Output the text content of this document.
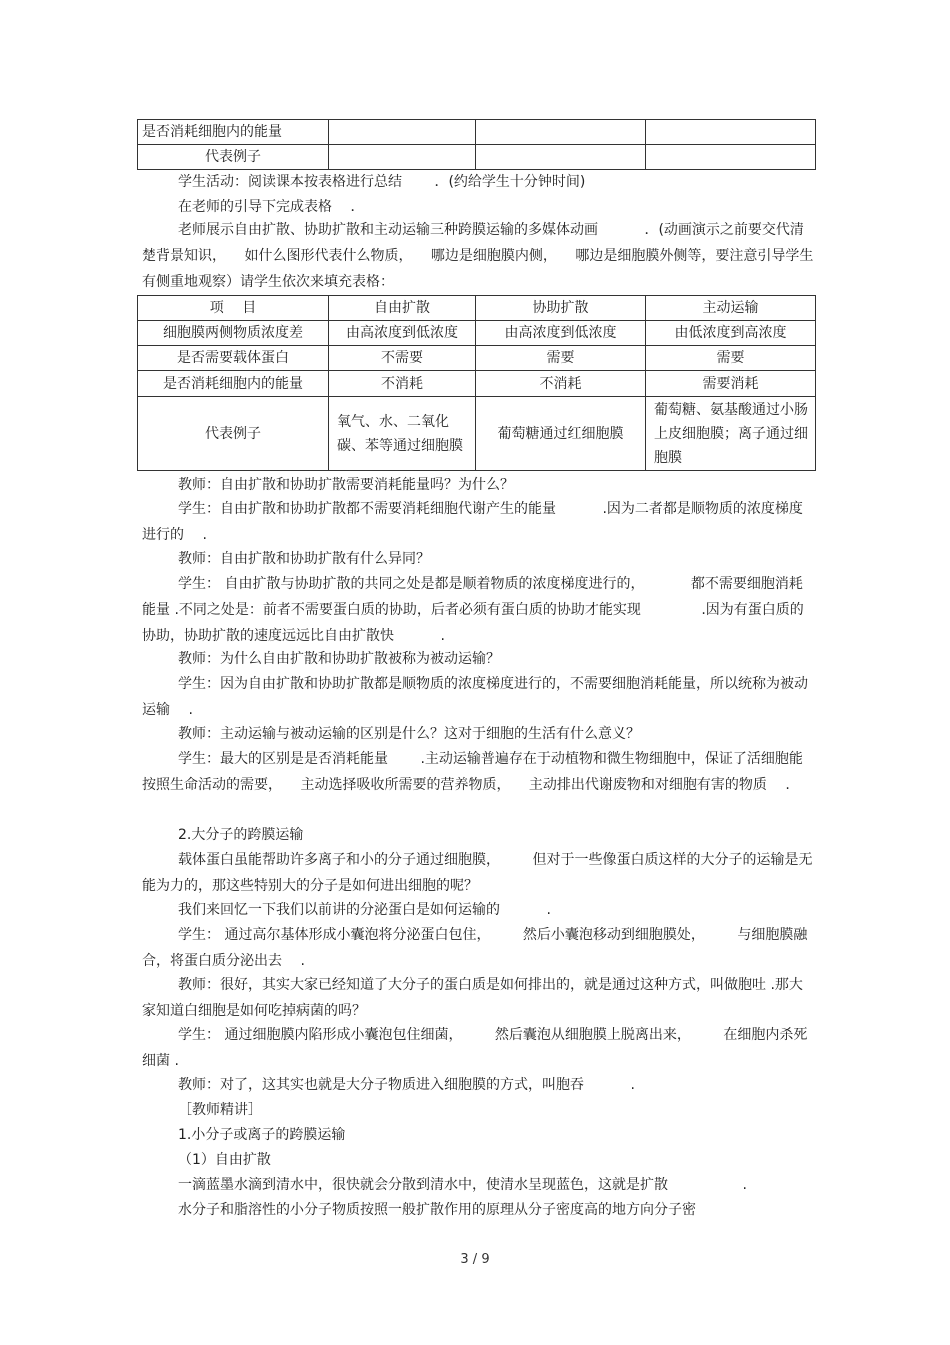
是否消耗细胞内的能量			
代表例子			

学生活动：阅读课本按表格进行总结 　　．(约给学生十分钟时间)

在老师的引导下完成表格 　．

老师展示自由扩散、协助扩散和主动运输三种跨膜运输的多媒体动画 　　　．(动画演示之前要交代清楚背景知识， 　如什么图形代表什么物质， 　哪边是细胞膜内侧， 　哪边是细胞膜外侧等，要注意引导学生有侧重地观察）请学生依次来填充表格：

项　 目	自由扩散	协助扩散	主动运输
细胞膜两侧物质浓度差	由高浓度到低浓度	由高浓度到低浓度	由低浓度到高浓度
是否需要载体蛋白	不需要	需要	需要
是否消耗细胞内的能量	不消耗	不消耗	需要消耗
代表例子	氧气、水、二氧化碳、苯等通过细胞膜	葡萄糖通过红细胞膜	葡萄糖、氨基酸通过小肠上皮细胞膜；离子通过细胞膜

教师：自由扩散和协助扩散需要消耗能量吗？为什么？

学生：自由扩散和协助扩散都不需要消耗细胞代谢产生的能量 　　　.因为二者都是顺物质的浓度梯度进行的 　.

教师：自由扩散和协助扩散有什么异同？

学生： 自由扩散与协助扩散的共同之处是都是顺着物质的浓度梯度进行的， 　　　都不需要细胞消耗能量 .不同之处是：前者不需要蛋白质的协助，后者必须有蛋白质的协助才能实现 　　　　.因为有蛋白质的协助，协助扩散的速度远远比自由扩散快 　　　.

教师：为什么自由扩散和协助扩散被称为被动运输？

学生：因为自由扩散和协助扩散都是顺物质的浓度梯度进行的，不需要细胞消耗能量，所以统称为被动运输 　.

教师：主动运输与被动运输的区别是什么？这对于细胞的生活有什么意义？

学生：最大的区别是是否消耗能量 　　.主动运输普遍存在于动植物和微生物细胞中，保证了活细胞能按照生命活动的需要， 　主动选择吸收所需要的营养物质， 　主动排出代谢废物和对细胞有害的物质 　.

2.大分子的跨膜运输

载体蛋白虽能帮助许多离子和小的分子通过细胞膜， 　　但对于一些像蛋白质这样的大分子的运输是无能为力的，那这些特别大的分子是如何进出细胞的呢？

我们来回忆一下我们以前讲的分泌蛋白是如何运输的 　　　.

学生： 通过高尔基体形成小囊泡将分泌蛋白包住， 　　然后小囊泡移动到细胞膜处， 　　与细胞膜融合，将蛋白质分泌出去 　.

教师：很好，其实大家已经知道了大分子的蛋白质是如何排出的，就是通过这种方式，叫做胞吐 .那大家知道白细胞是如何吃掉病菌的吗？

学生： 通过细胞膜内陷形成小囊泡包住细菌， 　　然后囊泡从细胞膜上脱离出来， 　　在细胞内杀死细菌 .

教师：对了，这其实也就是大分子物质进入细胞膜的方式，叫胞吞 　　　.

［教师精讲］

1.小分子或离子的跨膜运输

（1）自由扩散

一滴蓝墨水滴到清水中，很快就会分散到清水中，使清水呈现蓝色，这就是扩散 　　　　　.

水分子和脂溶性的小分子物质按照一般扩散作用的原理从分子密度高的地方向分子密

3 / 9
